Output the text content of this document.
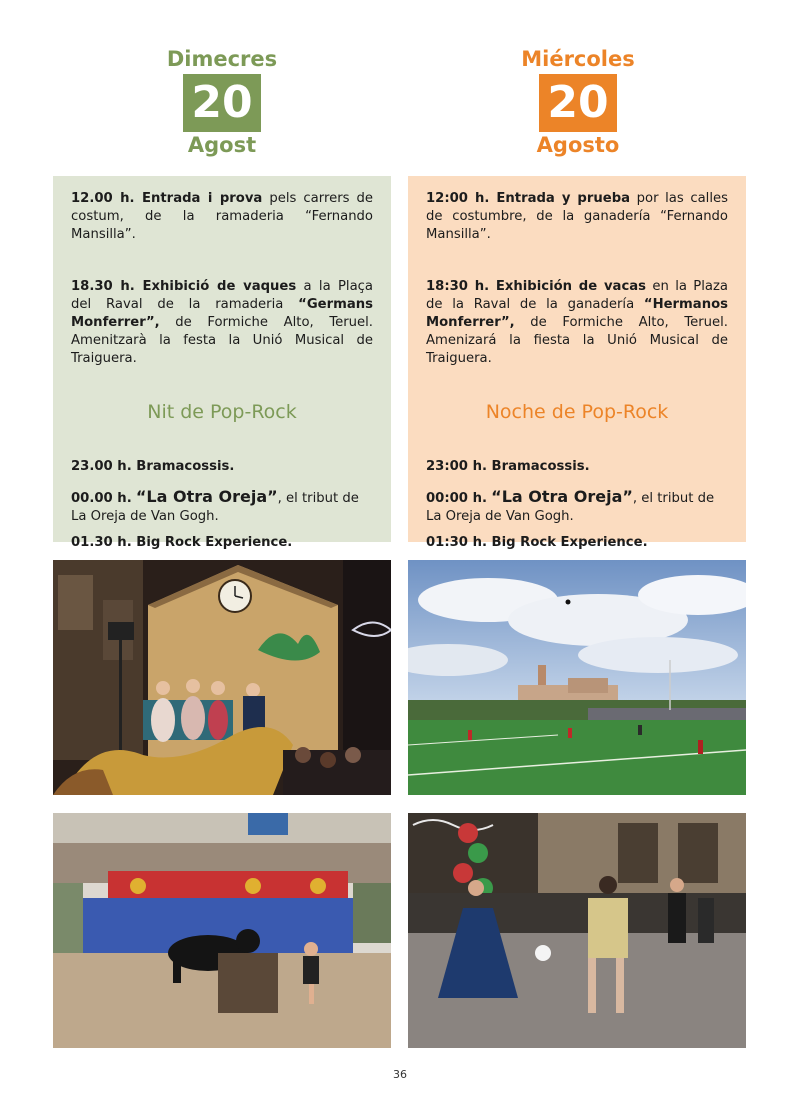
Dimecres
20
Agost
Miércoles
20
Agosto

12.00 h. Entrada i prova pels carrers de costum, de la ramaderia “Fernando Mansilla”.

18.30 h. Exhibició de vaques a la Plaça del Raval de la ramaderia “Germans Monferrer”, de Formiche Alto, Teruel. Amenitzarà la festa la Unió Musical de Traiguera.

Nit de Pop-Rock

23.00 h. Bramacossis.

00.00 h. “La Otra Oreja”, el tribut de La Oreja de Van Gogh.

01.30 h. Big Rock Experience.

12:00 h. Entrada y prueba por las calles de costumbre, de la ganadería “Fernando Mansilla”.

18:30 h. Exhibición de vacas en la Plaza de la Raval de la ganadería “Hermanos Monferrer”, de Formiche Alto, Teruel. Amenizará la fiesta la Unió Musical de Traiguera.

Noche de Pop-Rock

23:00 h. Bramacossis.

00:00 h. “La Otra Oreja”, el tribut de La Oreja de Van Gogh.

01:30 h. Big Rock Experience.

36
